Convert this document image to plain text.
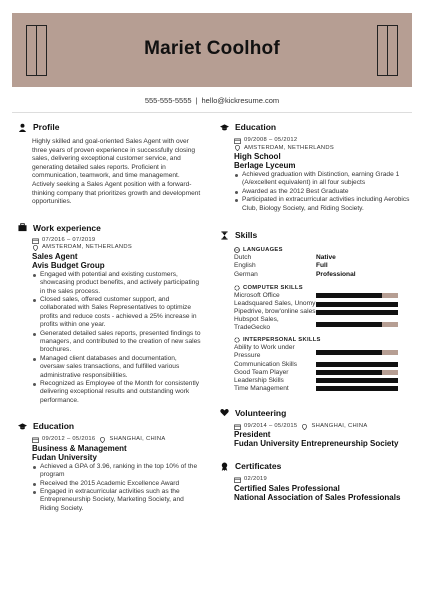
Mariet Coolhof
555-555-5555 | hello@kickresume.com
Profile
Highly skilled and goal-oriented Sales Agent with over three years of proven experience in successfully closing sales, delivering exceptional customer service, and generating detailed sales reports. Proficient in communication, teamwork, and time management. Actively seeking a Sales Agent position with a forward-thinking company that prioritizes growth and development opportunities.
Work experience
07/2016 – 07/2019
AMSTERDAM, NETHERLANDS
Sales Agent
Avis Budget Group
Engaged with potential and existing customers, showcasing product benefits, and actively participating in the sales process.
Closed sales, offered customer support, and collaborated with Sales Representatives to optimize profits and reduce costs - achieved a 25% increase in profits within one year.
Generated detailed sales reports, presented findings to managers, and contributed to the creation of new sales brochures.
Managed client databases and documentation, oversaw sales transactions, and fulfilled various administrative responsibilities.
Recognized as Employee of the Month for consistently delivering exceptional results and outstanding work performance.
Education
09/2012 – 05/2016 SHANGHAI, CHINA
Business & Management
Fudan University
Achieved a GPA of 3.96, ranking in the top 10% of the program
Received the 2015 Academic Excellence Award
Engaged in extracurricular activities such as the Entrepreneurship Society, Marketing Society, and Riding Society.
Education
09/2008 – 05/2012
AMSTERDAM, NETHERLANDS
High School
Berlage Lyceum
Achieved graduation with Distinction, earning Grade 1 (A/excellent equivalent) in all four subjects
Awarded as the 2012 Best Graduate
Participated in extracurricular activities including Aerobics Club, Biology Society, and Riding Society.
Skills
LANGUAGES
Dutch	Native
English	Full
German	Professional
COMPUTER SKILLS
Microsoft Office
Leadsquared Sales, Unomy
Pipedrive, brow'online sales
Hubspot Sales, TradeGecko
INTERPERSONAL SKILLS
Ability to Work under Pressure
Communication Skills
Good Team Player
Leadership Skills
Time Management
Volunteering
09/2014 – 05/2015 SHANGHAI, CHINA
President
Fudan University Entrepreneurship Society
Certificates
02/2019
Certified Sales Professional
National Association of Sales Professionals
